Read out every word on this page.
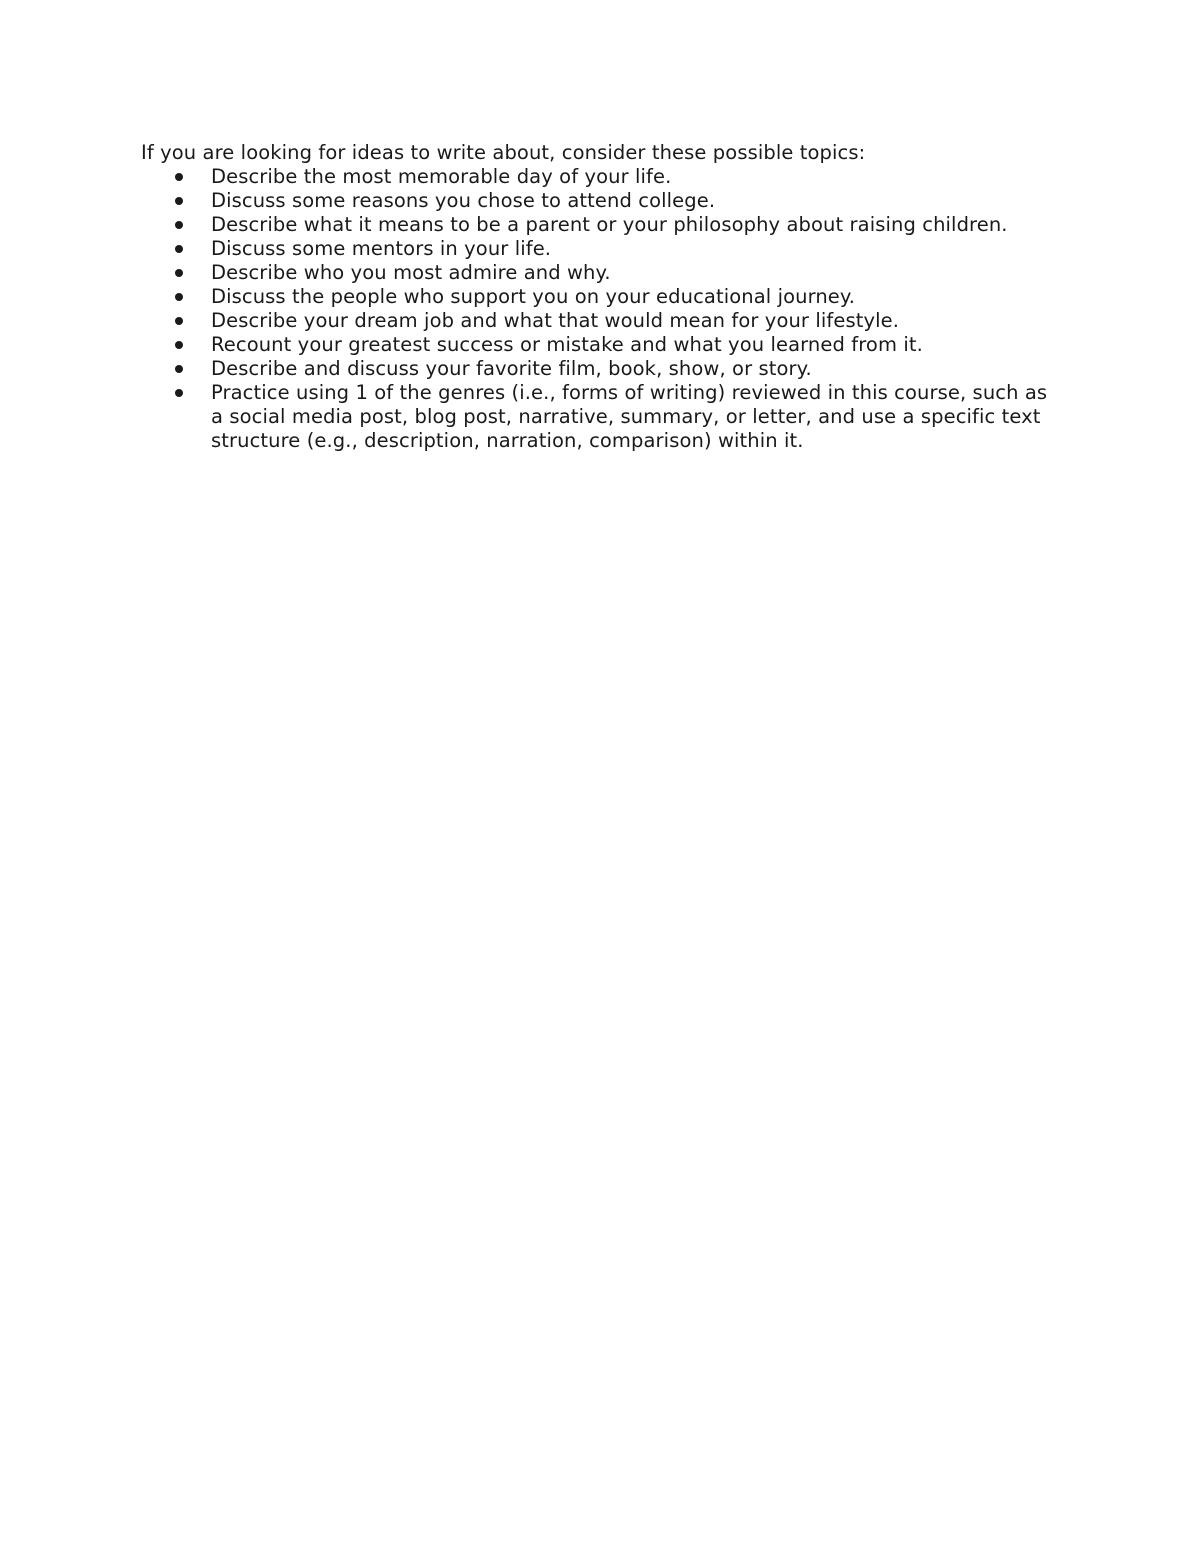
If you are looking for ideas to write about, consider these possible topics:

Describe the most memorable day of your life.
Discuss some reasons you chose to attend college.
Describe what it means to be a parent or your philosophy about raising children.
Discuss some mentors in your life.
Describe who you most admire and why.
Discuss the people who support you on your educational journey.
Describe your dream job and what that would mean for your lifestyle.
Recount your greatest success or mistake and what you learned from it.
Describe and discuss your favorite film, book, show, or story.
Practice using 1 of the genres (i.e., forms of writing) reviewed in this course, such as a social media post, blog post, narrative, summary, or letter, and use a specific text structure (e.g., description, narration, comparison) within it.
